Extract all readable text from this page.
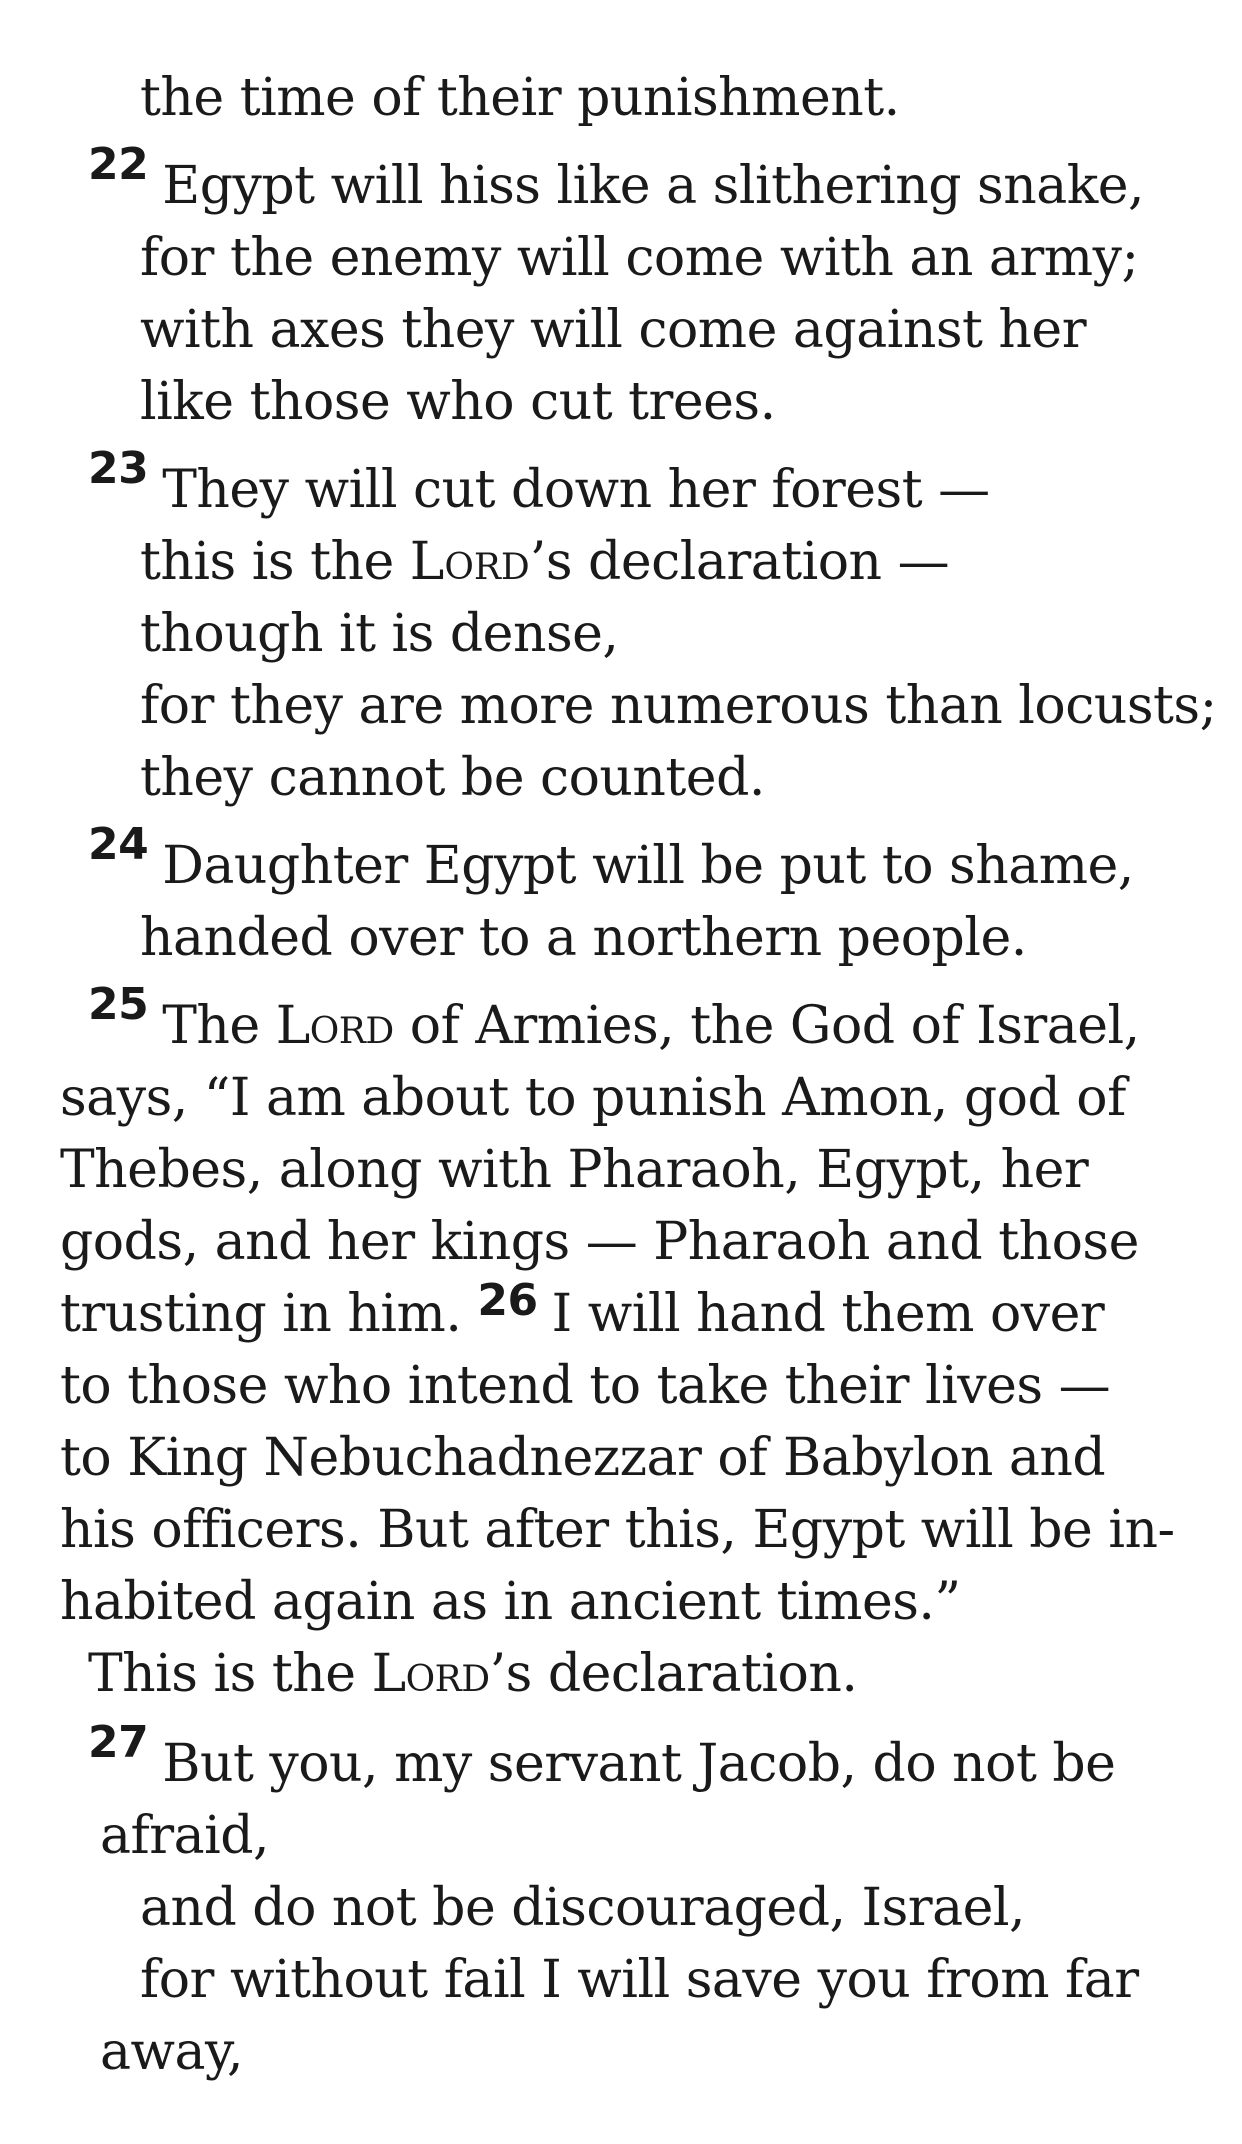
the time of their punishment.
$^{22}$ Egypt will hiss like a slithering snake,
for the enemy will come with an army;
with axes they will come against her
like those who cut trees.
$^{23}$ They will cut down her forest —
this is the Lord’s declaration —
though it is dense,
for they are more numerous than locusts;
they cannot be counted.
$^{24}$ Daughter Egypt will be put to shame,
handed over to a northern people.
$^{25}$ The Lord of Armies, the God of Israel,
says, “I am about to punish Amon, god of
Thebes, along with Pharaoh, Egypt, her
gods, and her kings — Pharaoh and those
trusting in him. $^{26}$ I will hand them over
to those who intend to take their lives —
to King Nebuchadnezzar of Babylon and
his officers. But after this, Egypt will be in-
habited again as in ancient times.”
This is the Lord’s declaration.
$^{27}$ But you, my servant Jacob, do not be
afraid,
and do not be discouraged, Israel,
for without fail I will save you from far
away,
